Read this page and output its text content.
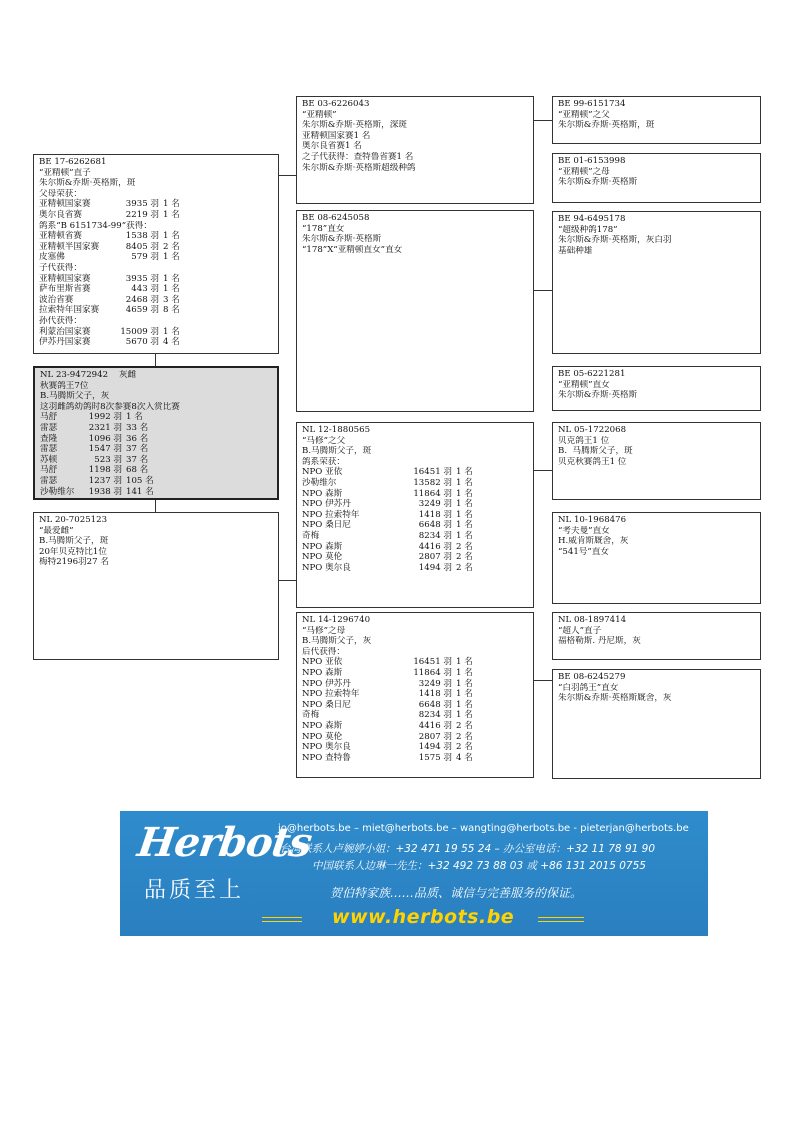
BE 17-6262681
“亚精顿”直子
朱尔斯&乔斯·英格斯，斑
父母荣获：
亚精顿国家赛	3935 羽 1 名
奥尔良省赛	2219 羽 1 名
鸽系“B 6151734-99”获得：
亚精顿省赛	1538 羽 1 名
亚精顿半国家赛	8405 羽 2 名
皮塞佛	579 羽 1 名
子代获得：
亚精顿国家赛	3935 羽 1 名
萨布里斯省赛	443 羽 1 名
波治省赛	2468 羽 3 名
拉索特年国家赛	4659 羽 8 名
孙代获得：
利蒙治国家赛	15009 羽 1 名
伊苏丹国家赛	5670 羽 4 名
NL 23-9472942    灰雌
秋赛鸽王7位
B.马腾斯父子，灰
这羽雌鸽幼鸽时8次参赛8次入赏比赛
马舒	1992 羽 1 名
雷瑟	2321 羽 33 名
查隆	1096 羽 36 名
雷瑟	1547 羽 37 名
苏顿	523 羽 37 名
马舒	1198 羽 68 名
雷瑟	1237 羽 105 名
沙勒维尔	1938 羽 141 名
NL 20-7025123
“最爱雌”
B.马腾斯父子，斑
20年贝克特比1位
梅特2196羽27 名
BE 03-6226043
“亚精顿”
朱尔斯&乔斯·英格斯，深斑
亚精顿国家赛1 名
奥尔良省赛1 名
之子代获得：查特鲁省赛1 名
朱尔斯&乔斯·英格斯超级种鸽
BE 08-6245058
“178”直女
朱尔斯&乔斯·英格斯
“178”X“亚精顿直女”直女
NL 12-1880565
“马修”之父
B.马腾斯父子，斑
鸽系荣获：
NPO 亚依	16451 羽 1 名
沙勒维尔	13582 羽 1 名
NPO 森斯	11864 羽 1 名
NPO 伊苏丹	3249 羽 1 名
NPO 拉索特年	1418 羽 1 名
NPO 桑日尼	6648 羽 1 名
奇梅	8234 羽 1 名
NPO 森斯	4416 羽 2 名
NPO 莫伦	2807 羽 2 名
NPO 奥尔良	1494 羽 2 名
NL 14-1296740
“马修”之母
B.马腾斯父子，灰
后代获得：
NPO 亚依	16451 羽 1 名
NPO 森斯	11864 羽 1 名
NPO 伊苏丹	3249 羽 1 名
NPO 拉索特年	1418 羽 1 名
NPO 桑日尼	6648 羽 1 名
奇梅	8234 羽 1 名
NPO 森斯	4416 羽 2 名
NPO 莫伦	2807 羽 2 名
NPO 奥尔良	1494 羽 2 名
NPO 查特鲁	1575 羽 4 名
BE 99-6151734
“亚精顿”之父
朱尔斯&乔斯·英格斯，斑
BE 01-6153998
“亚精顿”之母
朱尔斯&乔斯·英格斯
BE 94-6495178
“超级种鸽178”
朱尔斯&乔斯·英格斯，灰白羽
基础种雄
BE 05-6221281
“亚精顿”直女
朱尔斯&乔斯·英格斯
NL 05-1722068
贝克鸽王1 位
B.  马腾斯父子，斑
贝克秋赛鸽王1 位
NL 10-1968476
“考夫曼”直女
H.威肯斯厩舍，灰
“541号”直女
NL 08-1897414
“超人”直子
福格勒斯. 丹尼斯，灰
BE 08-6245279
“白羽鸽王”直女
朱尔斯&乔斯·英格斯厩舍，灰
Herbots
品质至上
jo@herbots.be – miet@herbots.be – wangting@herbots.be - pieterjan@herbots.be
台湾联系人卢婉婷小姐：+32 471 19 55 24 – 办公室电话：+32 11 78 91 90
中国联系人边琳一先生：+32 492 73 88 03 或 +86 131 2015 0755
贺伯特家族……品质、诚信与完善服务的保证。
www.herbots.be
